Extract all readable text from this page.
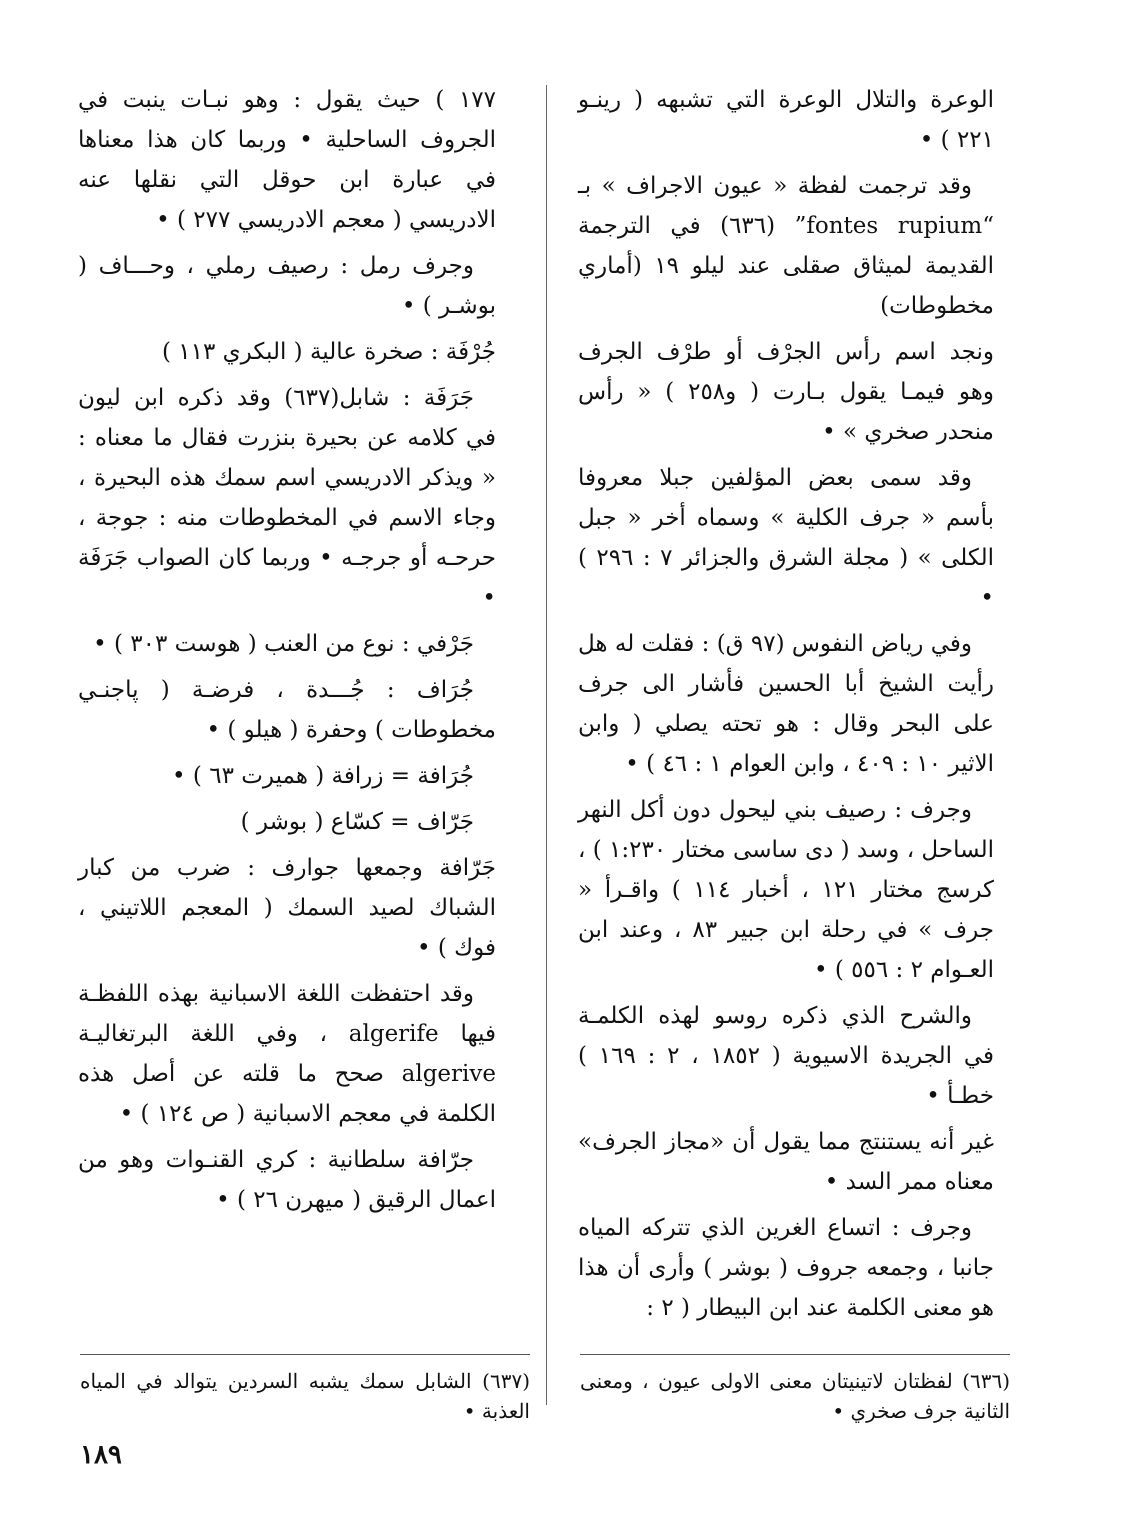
الوعرة والتلال الوعرة التي تشبهه ( رينـو ٢٢١ ) •

وقد ترجمت لفظة « عيون الاجراف » بـ “fontes rupium” (٦٣٦) في الترجمة القديمة لميثاق صقلى عند ليلو ١٩ (أماري مخطوطات)

ونجد اسم رأس الجرْف أو طرْف الجرف وهو فيمـا يقول بـارت ( و٢٥٨ ) « رأس منحدر صخري » •

وقد سمى بعض المؤلفين جبلا معروفا بأسم « جرف الكلية » وسماه أخر « جبل الكلى » ( مجلة الشرق والجزائر ٧ : ٢٩٦ ) •

وفي رياض النفوس (٩٧ ق) : فقلت له هل رأيت الشيخ أبا الحسين فأشار الى جرف على البحر وقال : هو تحته يصلي ( وابن الاثير ١٠ : ٤٠٩ ، وابن العوام ١ : ٤٦ ) •

وجرف : رصيف بني ليحول دون أكل النهر الساحل ، وسد ( دى ساسى مختار ١:٢٣٠ ) ، كرسج مختار ١٢١ ، أخبار ١١٤ ) واقـرأ « جرف » في رحلة ابن جبير ٨٣ ، وعند ابن العـوام ٢ : ٥٥٦ ) •

والشرح الذي ذكره روسو لهذه الكلمـة في الجريدة الاسيوية ( ١٨٥٢ ، ٢ : ١٦٩ ) خطـأ •

غير أنه يستنتج مما يقول أن «مجاز الجرف» معناه ممر السد •

وجرف : اتساع الغرين الذي تتركه المياه جانبا ، وجمعه جروف ( بوشر ) وأرى أن هذا هو معنى الكلمة عند ابن البيطار ( ٢ :

١٧٧ ) حيث يقول : وهو نبـات ينبت في الجروف الساحلية • وربما كان هذا معناها في عبارة ابن حوقل التي نقلها عنه الادريسي ( معجم الادريسي ٢٧٧ ) •

وجرف رمل : رصيف رملي ، وحـــاف ( بوشـر ) •

جُرْفَة : صخرة عالية ( البكري ١١٣ )

جَرَفَة : شابل(٦٣٧) وقد ذكره ابن ليون في كلامه عن بحيرة بنزرت فقال ما معناه : « ويذكر الادريسي اسم سمك هذه البحيرة ، وجاء الاسم في المخطوطات منه : جوجة ، حرحـه أو جرجـه • وربما كان الصواب جَرَفَة •

جَرْفي : نوع من العنب ( هوست ٣٠٣ ) •

جُرَاف : جُـــدة ، فرضـة ( پاجنـي مخطوطات ) وحفرة ( هيلو ) •

جُرَافة = زرافة ( هميرت ٦٣ ) •

جَرّاف = كسّاع ( بوشر )

جَرّافة وجمعها جوارف : ضرب من كبار الشباك لصيد السمك ( المعجم اللاتيني ، فوك ) •

وقد احتفظت اللغة الاسبانية بهذه اللفظـة فيها algerife ، وفي اللغة البرتغاليـة algerive صحح ما قلته عن أصل هذه الكلمة في معجم الاسبانية ( ص ١٢٤ ) •

جرّافة سلطانية : كري القنـوات وهو من اعمال الرقيق ( ميهرن ٢٦ ) •

(٦٣٦) لفظتان لاتينيتان معنى الاولى عيون ، ومعنى الثانية جرف صخري •
(٦٣٧) الشابل سمك يشبه السردين يتوالد في المياه العذبة •
١٨٩
